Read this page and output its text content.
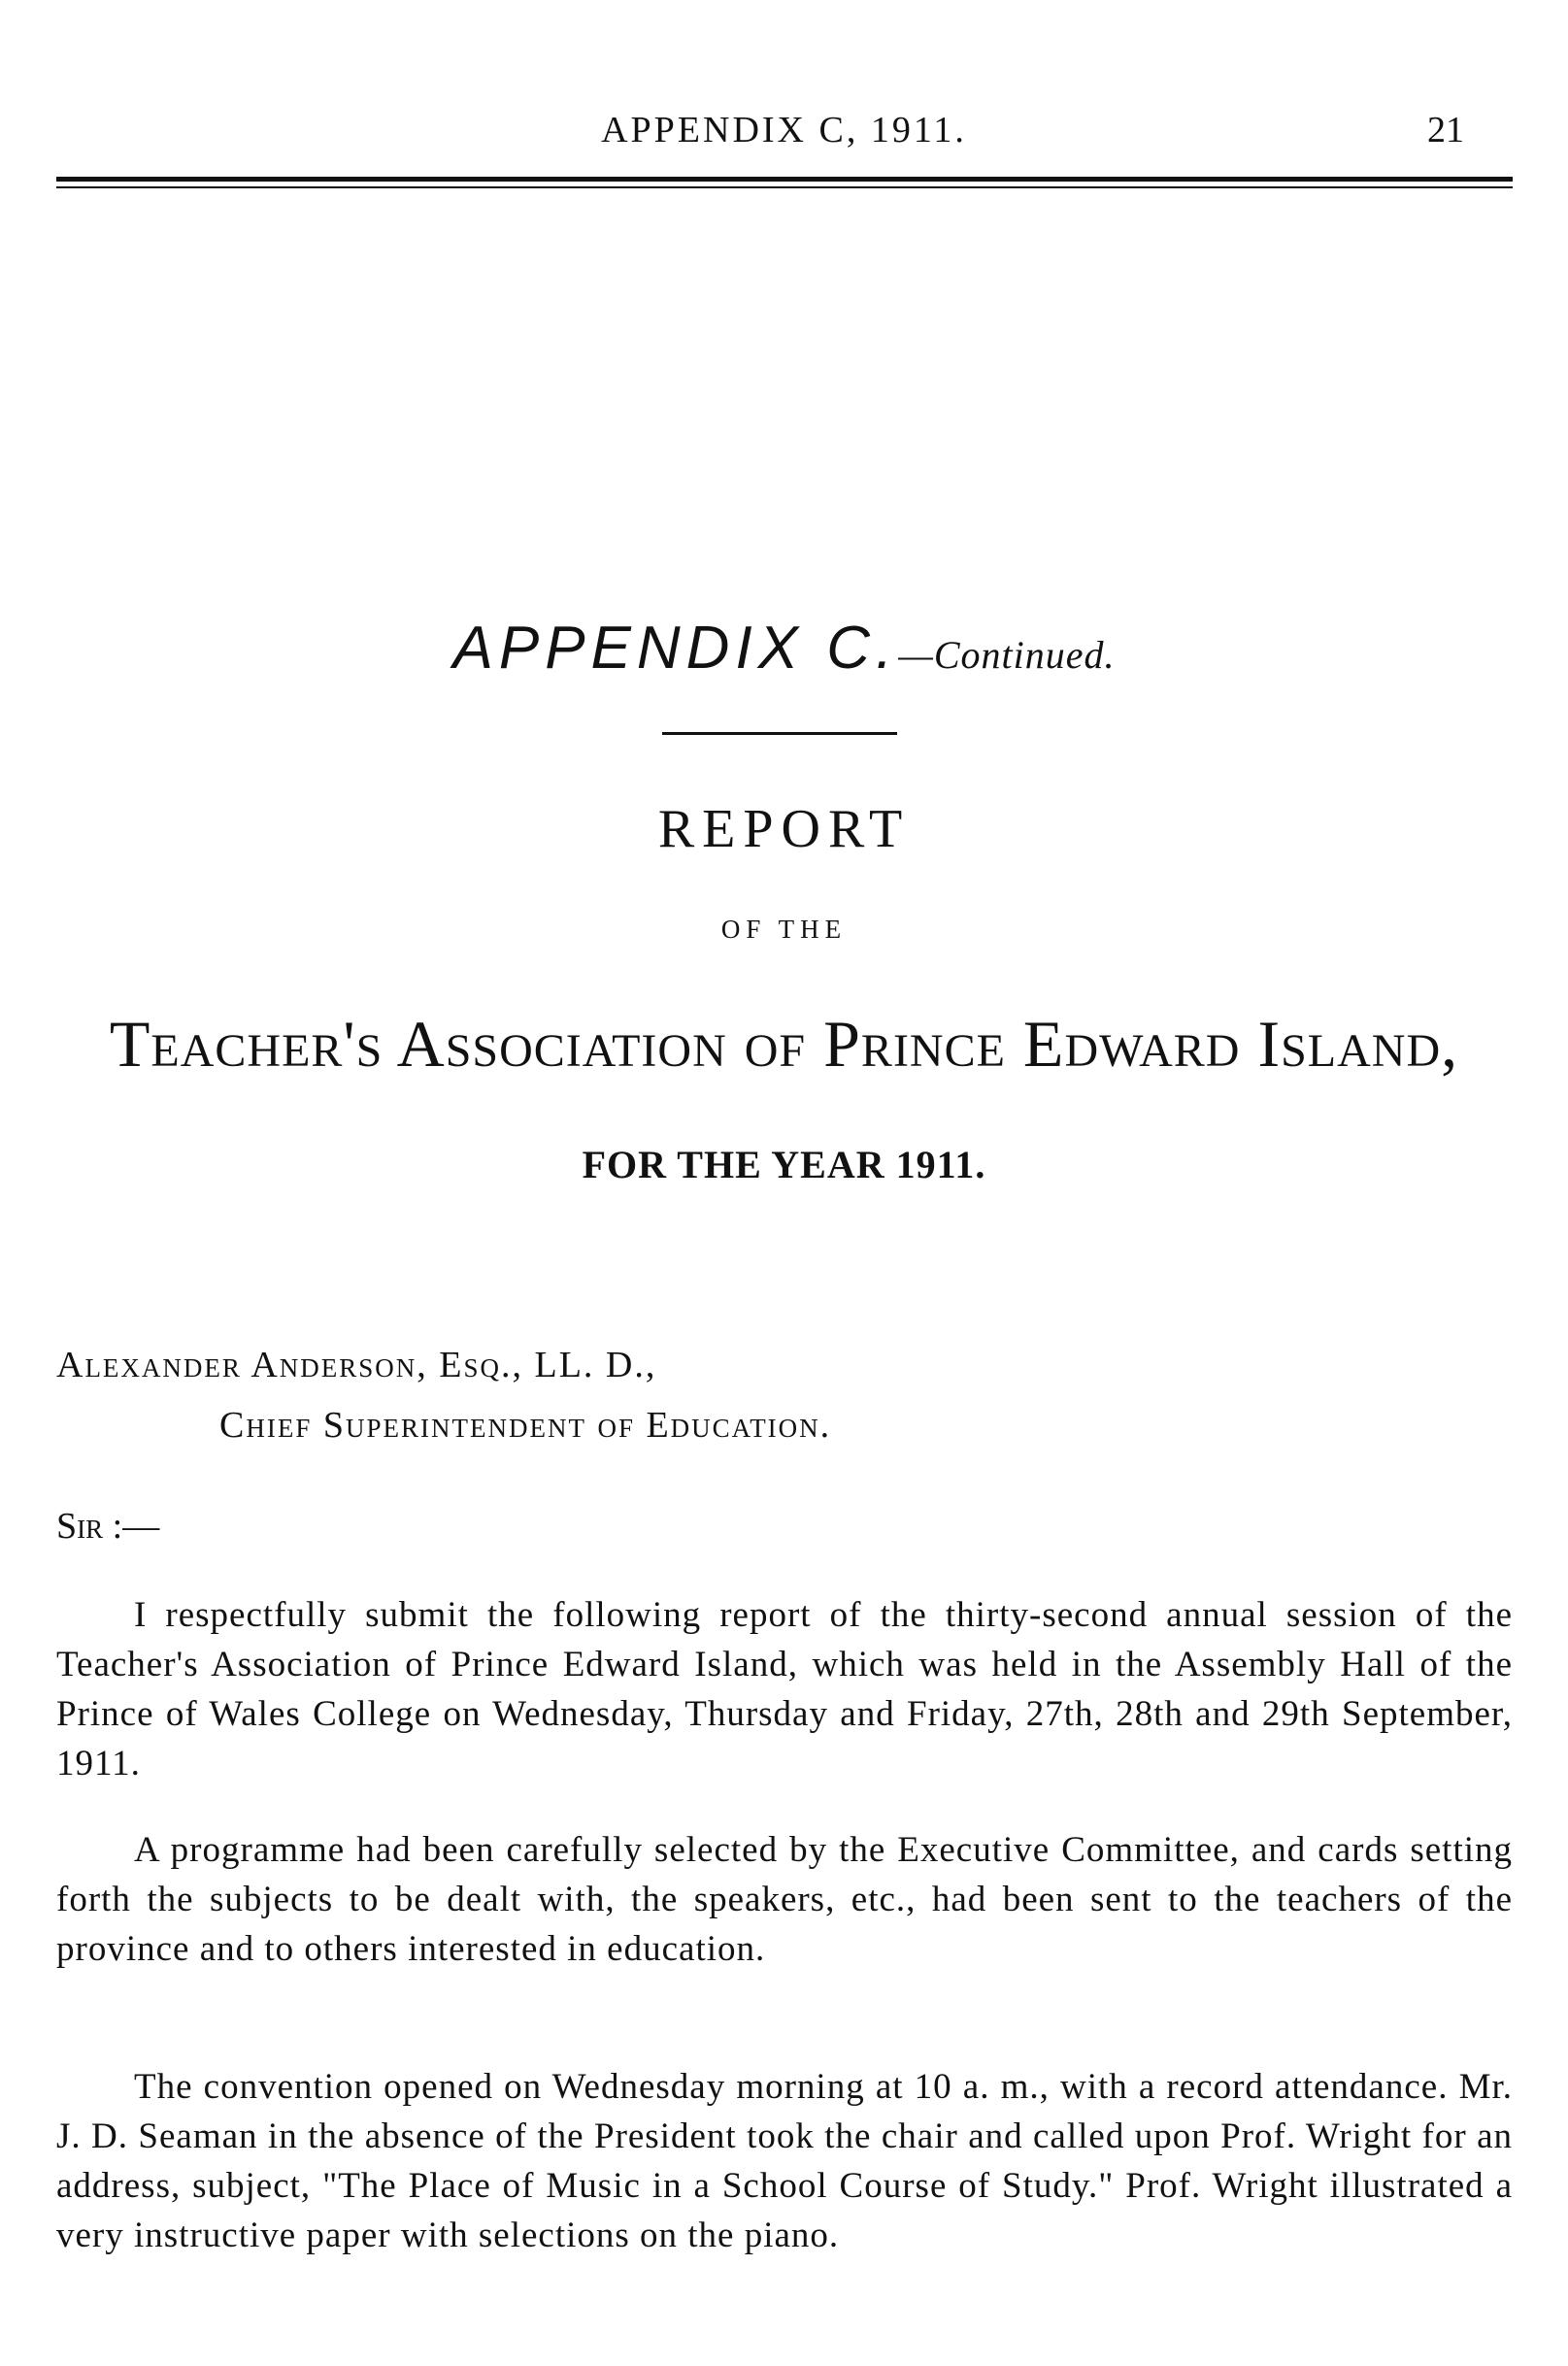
APPENDIX C, 1911.	21
APPENDIX C.—Continued.
REPORT
OF THE
Teacher's Association of Prince Edward Island,
FOR THE YEAR 1911.
Alexander Anderson, Esq., LL. D.,
Chief Superintendent of Education.
Sir :—

I respectfully submit the following report of the thirty-second annual session of the Teacher's Association of Prince Edward Island, which was held in the Assembly Hall of the Prince of Wales College on Wednesday, Thursday and Friday, 27th, 28th and 29th September, 1911.

A programme had been carefully selected by the Executive Committee, and cards setting forth the subjects to be dealt with, the speakers, etc., had been sent to the teachers of the province and to others interested in education.

The convention opened on Wednesday morning at 10 a. m., with a record attendance. Mr. J. D. Seaman in the absence of the President took the chair and called upon Prof. Wright for an address, subject, "The Place of Music in a School Course of Study." Prof. Wright illustrated a very instructive paper with selections on the piano.
